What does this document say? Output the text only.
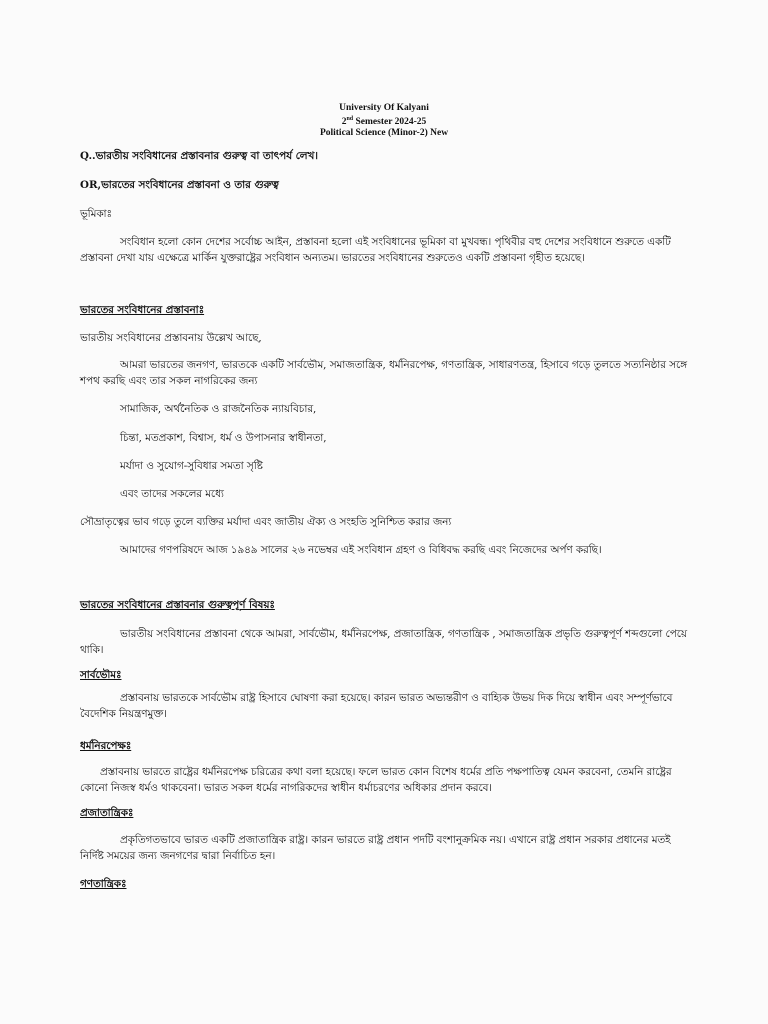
University Of Kalyani
2nd Semester 2024-25
Political Science (Minor-2) New
Q..ভারতীয় সংবিধানের প্রস্তাবনার গুরুত্ব বা তাৎপর্য লেখ।
OR,ভারতের সংবিধানের প্রস্তাবনা ও তার গুরুত্ব
ভূমিকাঃ
সংবিধান হলো কোন দেশের সর্বোচ্চ আইন, প্রস্তাবনা হলো এই সংবিধানের ভূমিকা বা মুখবন্ধ। পৃথিবীর বহু দেশের সংবিধানে শুরুতে একটি প্রস্তাবনা দেখা যায় এক্ষেত্রে মার্কিন যুক্তরাষ্ট্রের সংবিধান অন্যতম। ভারতের সংবিধানের শুরুতেও একটি প্রস্তাবনা গৃহীত হয়েছে।
ভারতের সংবিধানের প্রস্তাবনাঃ
ভারতীয় সংবিধানের প্রস্তাবনায় উল্লেখ আছে,
আমরা ভারতের জনগণ, ভারতকে একটি সার্বভৌম, সমাজতান্ত্রিক, ধর্মনিরপেক্ষ, গণতান্ত্রিক, সাধারণতন্ত্র, হিসাবে গড়ে তুলতে সত্যনিষ্ঠার সঙ্গে শপথ করছি এবং তার সকল নাগরিকের জন্য
সামাজিক, অর্থনৈতিক ও রাজনৈতিক ন্যায়বিচার,
চিন্তা, মতপ্রকাশ, বিশ্বাস, ধর্ম ও উপাসনার স্বাধীনতা,
মর্যাদা ও সুযোগ-সুবিধার সমতা সৃষ্টি
এবং তাদের সকলের মধ্যে
সৌভ্রাতৃত্বের ভাব গড়ে তুলে ব্যক্তির মর্যাদা এবং জাতীয় ঐক্য ও সংহতি সুনিশ্চিত করার জন্য
আমাদের গণপরিষদে আজ ১৯৪৯ সালের ২৬ নভেম্বর এই সংবিধান গ্রহণ ও বিধিবদ্ধ করছি এবং নিজেদের অর্পণ করছি।
ভারতের সংবিধানের প্রস্তাবনার গুরুত্বপূর্ণ বিষয়ঃ
ভারতীয় সংবিধানের প্রস্তাবনা থেকে আমরা, সার্বভৌম, ধর্মনিরপেক্ষ, প্রজাতান্ত্রিক, গণতান্ত্রিক , সমাজতান্ত্রিক প্রভৃতি গুরুত্বপূর্ণ শব্দগুলো পেয়ে থাকি।
সার্বভৌমঃ
প্রস্তাবনায় ভারতকে সার্বভৌম রাষ্ট্র হিসাবে ঘোষণা করা হয়েছে। কারন ভারত অভ্যন্তরীণ ও বাহ্যিক উভয় দিক দিয়ে স্বাধীন এবং সম্পূর্ণভাবে বৈদেশিক নিয়ন্ত্রণমুক্ত।
ধর্মনিরপেক্ষঃ
প্রস্তাবনায় ভারতে রাষ্ট্রের ধর্মনিরপেক্ষ চরিত্রের কথা বলা হয়েছে। ফলে ভারত কোন বিশেষ ধর্মের প্রতি পক্ষপাতিত্ব যেমন করবেনা, তেমনি রাষ্ট্রের কোনো নিজস্ব ধর্মও থাকবেনা। ভারত সকল ধর্মের নাগরিকদের স্বাধীন ধর্মাচরণের অধিকার প্রদান করবে।
প্রজাতান্ত্রিকঃ
প্রকৃতিগতভাবে ভারত একটি প্রজাতান্ত্রিক রাষ্ট্র। কারন ভারতে রাষ্ট্র প্রধান পদটি বংশানুক্রমিক নয়। এখানে রাষ্ট্র প্রধান সরকার প্রধানের মতই নির্দিষ্ট সময়ের জন্য জনগণের দ্বারা নির্বাচিত হন।
গণতান্ত্রিকঃ
